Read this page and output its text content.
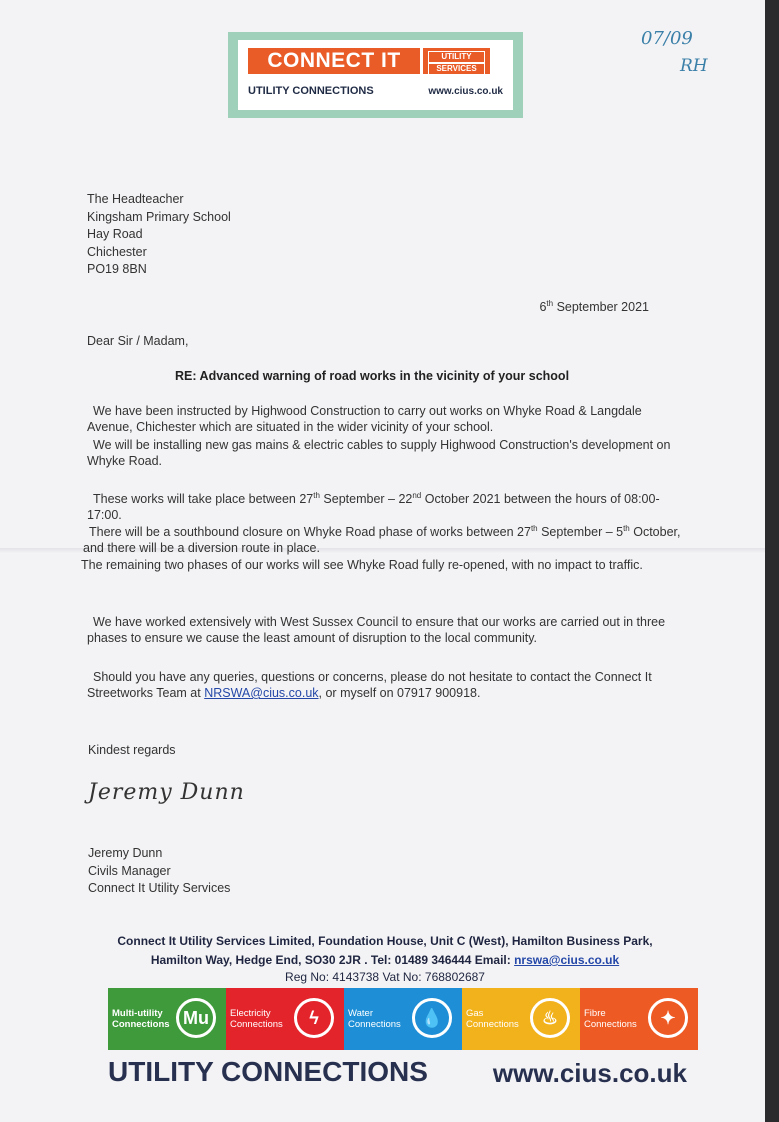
CONNECT IT	UTILITY
SERVICES
UTILITY CONNECTIONS	www.cius.co.uk
07/09
RH
The Headteacher
Kingsham Primary School
Hay Road
Chichester
PO19 8BN
6th September 2021
Dear Sir / Madam,
RE: Advanced warning of road works in the vicinity of your school
We have been instructed by Highwood Construction to carry out works on Whyke Road & Langdale Avenue, Chichester which are situated in the wider vicinity of your school.
We will be installing new gas mains & electric cables to supply Highwood Construction's development on Whyke Road.
These works will take place between 27th September – 22nd October 2021 between the hours of 08:00-17:00.
There will be a southbound closure on Whyke Road phase of works between 27th September – 5th October, and there will be a diversion route in place.
The remaining two phases of our works will see Whyke Road fully re-opened, with no impact to traffic.
We have worked extensively with West Sussex Council to ensure that our works are carried out in three phases to ensure we cause the least amount of disruption to the local community.
Should you have any queries, questions or concerns, please do not hesitate to contact the Connect It Streetworks Team at NRSWA@cius.co.uk, or myself on 07917 900918.
Kindest regards
Jeremy Dunn
Jeremy Dunn
Civils Manager
Connect It Utility Services
Connect It Utility Services Limited, Foundation House, Unit C (West), Hamilton Business Park,
Hamilton Way, Hedge End, SO30 2JR . Tel: 01489 346444 Email: nrswa@cius.co.uk
Reg No: 4143738 Vat No: 768802687
Multi-utility
Connections Mu	Electricity
Connections	ϟ	Water
Connections	💧	Gas
Connections	♨	Fibre
Connections	✦
UTILITY CONNECTIONS www.cius.co.uk
